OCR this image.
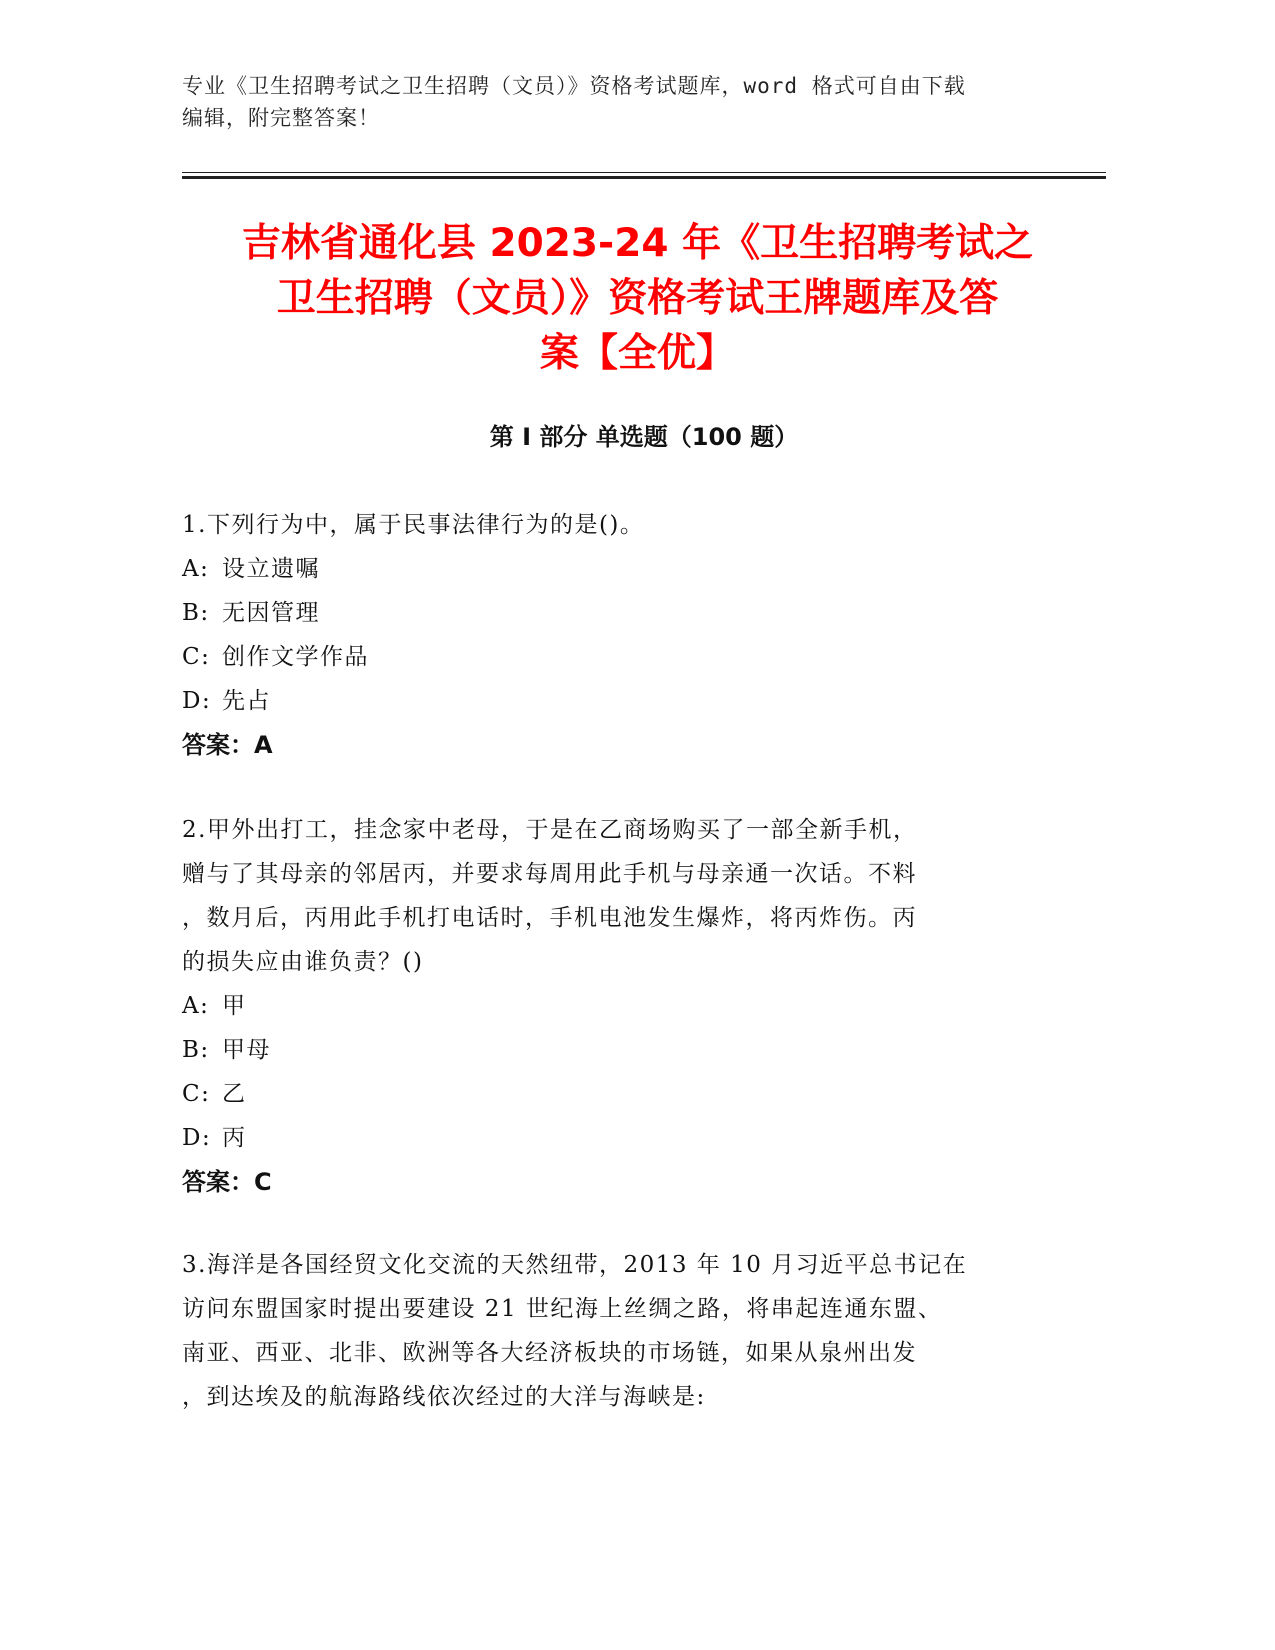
专业《卫生招聘考试之卫生招聘（文员）》资格考试题库，word 格式可自由下载

编辑，附完整答案！

吉林省通化县 2023-24 年《卫生招聘考试之
卫生招聘（文员）》资格考试王牌题库及答
案【全优】
第 I 部分 单选题（100 题）

1.下列行为中，属于民事法律行为的是()。

A: 设立遗嘱

B: 无因管理

C: 创作文学作品

D: 先占

答案：A

2.甲外出打工，挂念家中老母，于是在乙商场购买了一部全新手机，

赠与了其母亲的邻居丙，并要求每周用此手机与母亲通一次话。不料

，数月后，丙用此手机打电话时，手机电池发生爆炸，将丙炸伤。丙

的损失应由谁负责？()

A: 甲

B: 甲母

C: 乙

D: 丙

答案：C

3.海洋是各国经贸文化交流的天然纽带，2013 年 10 月习近平总书记在

访问东盟国家时提出要建设 21 世纪海上丝绸之路，将串起连通东盟、

南亚、西亚、北非、欧洲等各大经济板块的市场链，如果从泉州出发

，到达埃及的航海路线依次经过的大洋与海峡是:
